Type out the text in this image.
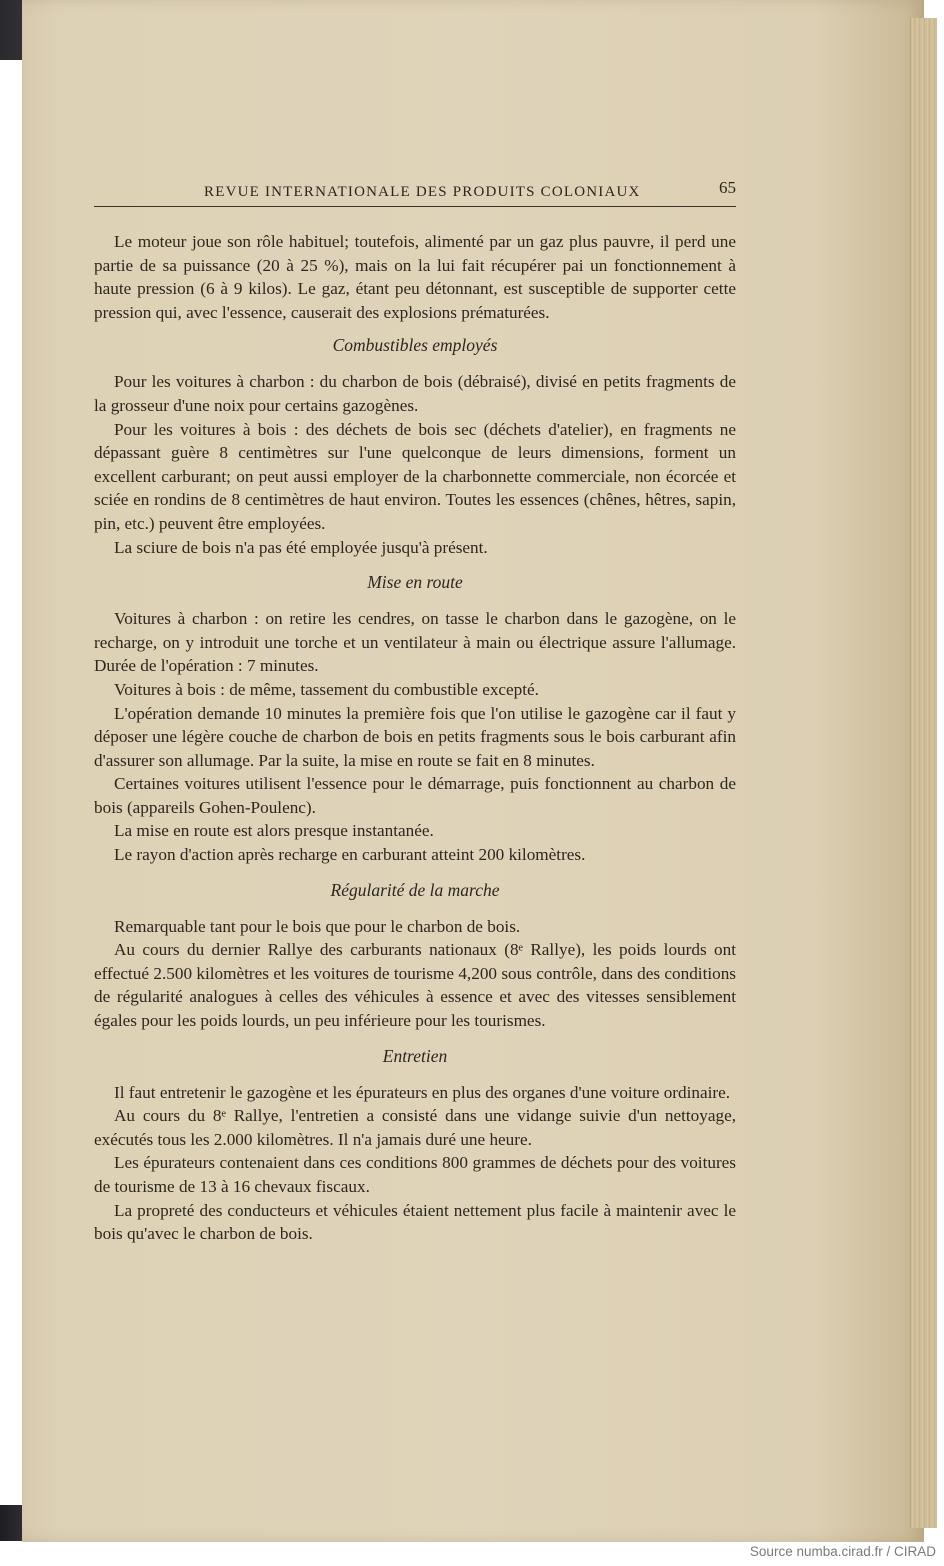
REVUE INTERNATIONALE DES PRODUITS COLONIAUX	65

Le moteur joue son rôle habituel; toutefois, alimenté par un gaz plus pauvre, il perd une partie de sa puissance (20 à 25 %), mais on la lui fait récupérer pai un fonctionnement à haute pression (6 à 9 kilos). Le gaz, étant peu détonnant, est susceptible de supporter cette pression qui, avec l'essence, causerait des explosions prématurées.

Combustibles employés

Pour les voitures à charbon : du charbon de bois (débraisé), divisé en petits fragments de la grosseur d'une noix pour certains gazogènes.

Pour les voitures à bois : des déchets de bois sec (déchets d'atelier), en fragments ne dépassant guère 8 centimètres sur l'une quelconque de leurs dimensions, forment un excellent carburant; on peut aussi employer de la charbonnette commerciale, non écorcée et sciée en rondins de 8 centimètres de haut environ. Toutes les essences (chênes, hêtres, sapin, pin, etc.) peuvent être employées.

La sciure de bois n'a pas été employée jusqu'à présent.

Mise en route

Voitures à charbon : on retire les cendres, on tasse le charbon dans le gazogène, on le recharge, on y introduit une torche et un ventilateur à main ou électrique assure l'allumage. Durée de l'opération : 7 minutes.

Voitures à bois : de même, tassement du combustible excepté.

L'opération demande 10 minutes la première fois que l'on utilise le gazogène car il faut y déposer une légère couche de charbon de bois en petits fragments sous le bois carburant afin d'assurer son allumage. Par la suite, la mise en route se fait en 8 minutes.

Certaines voitures utilisent l'essence pour le démarrage, puis fonctionnent au charbon de bois (appareils Gohen-Poulenc).

La mise en route est alors presque instantanée.

Le rayon d'action après recharge en carburant atteint 200 kilomètres.

Régularité de la marche

Remarquable tant pour le bois que pour le charbon de bois.

Au cours du dernier Rallye des carburants nationaux (8ᵉ Rallye), les poids lourds ont effectué 2.500 kilomètres et les voitures de tourisme 4,200 sous contrôle, dans des conditions de régularité analogues à celles des véhicules à essence et avec des vitesses sensiblement égales pour les poids lourds, un peu inférieure pour les tourismes.

Entretien

Il faut entretenir le gazogène et les épurateurs en plus des organes d'une voiture ordinaire.

Au cours du 8ᵉ Rallye, l'entretien a consisté dans une vidange suivie d'un nettoyage, exécutés tous les 2.000 kilomètres. Il n'a jamais duré une heure.

Les épurateurs contenaient dans ces conditions 800 grammes de déchets pour des voitures de tourisme de 13 à 16 chevaux fiscaux.

La propreté des conducteurs et véhicules étaient nettement plus facile à maintenir avec le bois qu'avec le charbon de bois.

Source numba.cirad.fr / CIRAD
